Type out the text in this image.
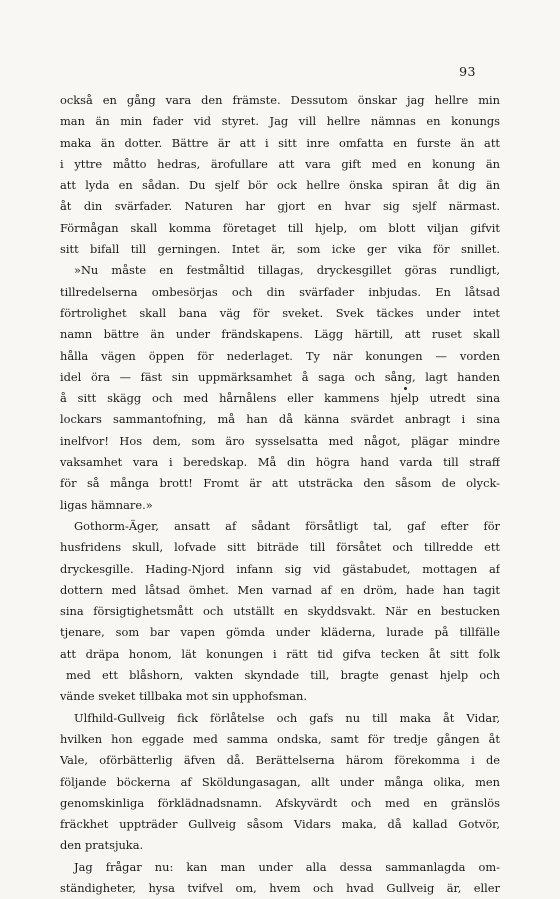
93
också en gång vara den främste. Dessutom önskar jag hellre min
man än min fader vid styret. Jag vill hellre nämnas en konungs
maka än dotter. Bättre är att i sitt inre omfatta en furste än att
i yttre måtto hedras, ärofullare att vara gift med en konung än
att lyda en sådan. Du sjelf bör ock hellre önska spiran åt dig än
åt din svärfader. Naturen har gjort en hvar sig sjelf närmast.
Förmågan skall komma företaget till hjelp, om blott viljan gifvit
sitt bifall till gerningen. Intet är, som icke ger vika för snillet.
»Nu måste en festmåltid tillagas, dryckesgillet göras rundligt,
tillredelserna ombesörjas och din svärfader inbjudas. En låtsad
förtrolighet skall bana väg för sveket. Svek täckes under intet
namn bättre än under frändskapens. Lägg härtill, att ruset skall
hålla vägen öppen för nederlaget. Ty när konungen — vorden
idel öra — fäst sin uppmärksamhet å saga och sång, lagt handen
å sitt skägg och med hårnålens eller kammens hjelp utredt sina
lockars sammantofning, må han då känna svärdet anbragt i sina
inelfvor! Hos dem, som äro sysselsatta med något, plägar mindre
vaksamhet vara i beredskap. Må din högra hand varda till straff
för så många brott! Fromt är att utsträcka den såsom de olyck-
ligas hämnare.»
Gothorm-Äger, ansatt af sådant försåtligt tal, gaf efter för
husfridens skull, lofvade sitt biträde till försåtet och tillredde ett
dryckesgille. Hading-Njord infann sig vid gästabudet, mottagen af
dottern med låtsad ömhet. Men varnad af en dröm, hade han tagit
sina försigtighetsmått och utställt en skyddsvakt. När en bestucken
tjenare, som bar vapen gömda under kläderna, lurade på tillfälle
att dräpa honom, lät konungen i rätt tid gifva tecken åt sitt folk
med ett blåshorn, vakten skyndade till, bragte genast hjelp och
vände sveket tillbaka mot sin upphofsman.
Ulfhild-Gullveig fick förlåtelse och gafs nu till maka åt Vidar,
hvilken hon eggade med samma ondska, samt för tredje gången åt
Vale, oförbätterlig äfven då. Berättelserna härom förekomma i de
följande böckerna af Sköldungasagan, allt under många olika, men
genomskinliga förklädnadsnamn. Afskyvärdt och med en gränslös
fräckhet uppträder Gullveig såsom Vidars maka, då kallad Gotvör,
den pratsjuka.
Jag frågar nu: kan man under alla dessa sammanlagda om-
ständigheter, hysa tvifvel om, hvem och hvad Gullveig är, eller
